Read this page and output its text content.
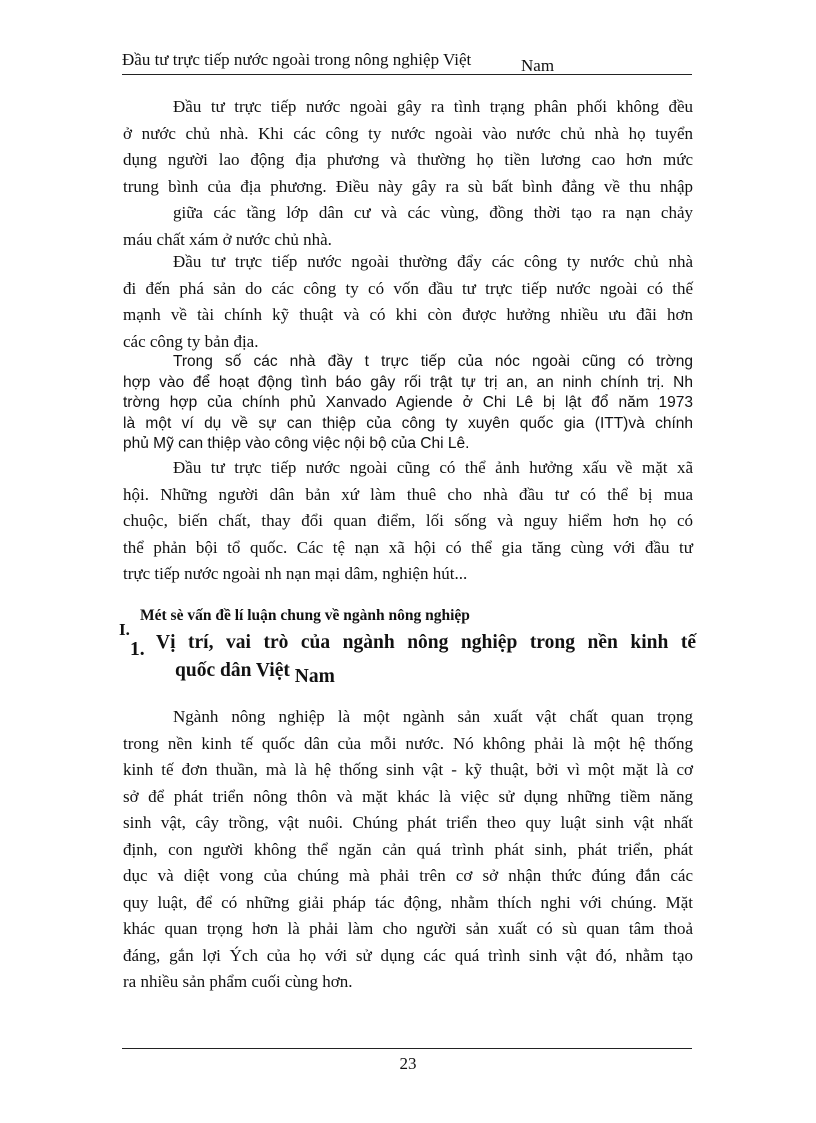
Đầu tư trực tiếp nước ngoài trong nông nghiệp Việt	Nam
Đầu tư trực tiếp nước ngoài gây ra tình trạng phân phối không đều
ở nước chủ nhà. Khi các công ty nước ngoài vào nước chủ nhà họ tuyển
dụng người lao động địa phương và thường họ tiền lương cao hơn mức
trung bình của địa phương. Điều này gây ra sù bất bình đẳng về thu nhập
giữa các tầng lớp dân cư và các vùng, đồng thời tạo ra nạn chảy
máu chất xám ở nước chủ nhà.
Đầu tư trực tiếp nước ngoài thường đẩy các công ty nước chủ nhà
đi đến phá sản do các công ty có vốn đầu tư trực tiếp nước ngoài có thế
mạnh về tài chính kỹ thuật và có khi còn được hưởng nhiều ưu đãi hơn
các công ty bản địa.
Trong số các nhà đầy t trực tiếp của nóc ngoài cũng có trờng
hợp vào để hoạt động tình báo gây rối trật tự trị an, an ninh chính trị. Nh
trờng hợp của chính phủ Xanvado Agiende ở Chi Lê bị lật đổ năm 1973
là một ví dụ về sự can thiệp của công ty xuyên quốc gia (ITT)và chính
phủ Mỹ can thiệp vào công việc nội bộ của Chi Lê.
Đầu tư trực tiếp nước ngoài cũng có thể ảnh hưởng xấu về mặt xã
hội. Những người dân bản xứ làm thuê cho nhà đầu tư có thể bị mua
chuộc, biến chất, thay đổi quan điểm, lối sống và nguy hiểm hơn họ có
thể phản bội tổ quốc. Các tệ nạn xã hội có thể gia tăng cùng với đầu tư
trực tiếp nước ngoài nh nạn mại dâm, nghiện hút...
I.
Mét sè vấn đề lí luận chung về ngành nông nghiệp
1. Vị trí, vai trò của ngành nông nghiệp trong nền kinh tế
quốc dân Việt Nam
Ngành nông nghiệp là một ngành sản xuất vật chất quan trọng
trong nền kinh tế quốc dân của mỗi nước. Nó không phải là một hệ thống
kinh tế đơn thuần, mà là hệ thống sinh vật - kỹ thuật, bởi vì một mặt là cơ
sở để phát triển nông thôn và mặt khác là việc sử dụng những tiềm năng
sinh vật, cây trồng, vật nuôi. Chúng phát triển theo quy luật sinh vật nhất
định, con người không thể ngăn cản quá trình phát sinh, phát triển, phát
dục và diệt vong của chúng mà phải trên cơ sở nhận thức đúng đắn các
quy luật, để có những giải pháp tác động, nhằm thích nghi với chúng. Mặt
khác quan trọng hơn là phải làm cho người sản xuất có sù quan tâm thoả
đáng, gắn lợi Ých của họ với sử dụng các quá trình sinh vật đó, nhằm tạo
ra nhiều sản phẩm cuối cùng hơn.
23
